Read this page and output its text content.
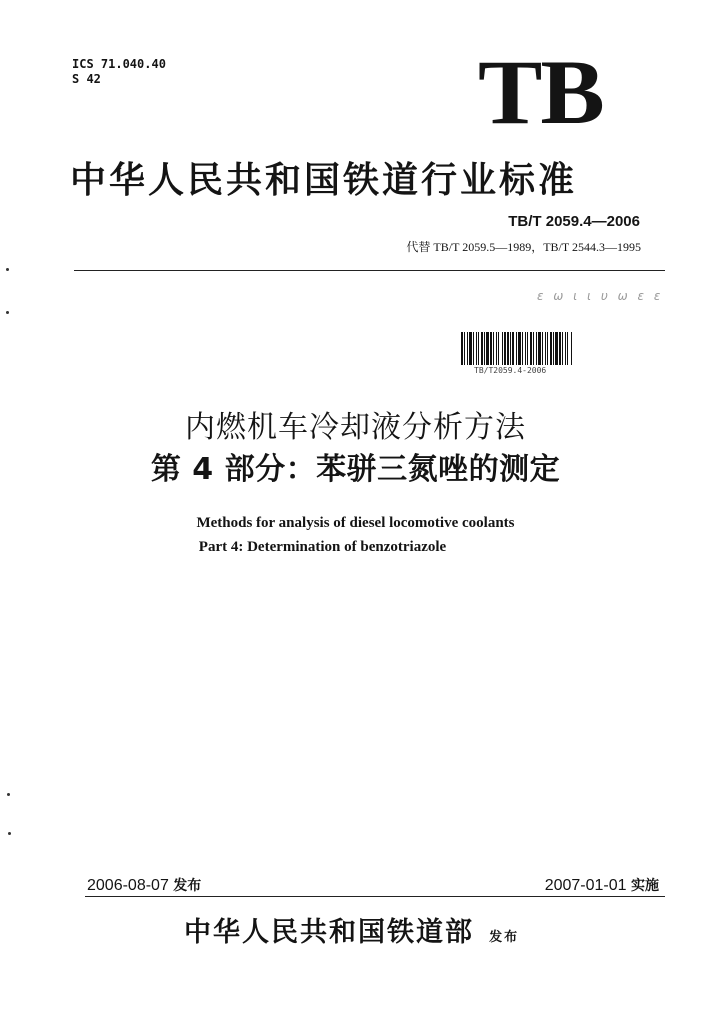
ICS 71.040.40
S 42	TB
中华人民共和国铁道行业标准
TB/T 2059.4—2006
代替 TB/T 2059.5—1989，TB/T 2544.3—1995
ε ω ι ι υ ω ε ε
TB/T2059.4-2006
内燃机车冷却液分析方法
第 4 部分：苯骈三氮唑的测定
Methods for analysis of diesel locomotive coolants
Part 4: Determination of benzotriazole
2006-08-07 发布	2007-01-01 实施
中华人民共和国铁道部 发布
